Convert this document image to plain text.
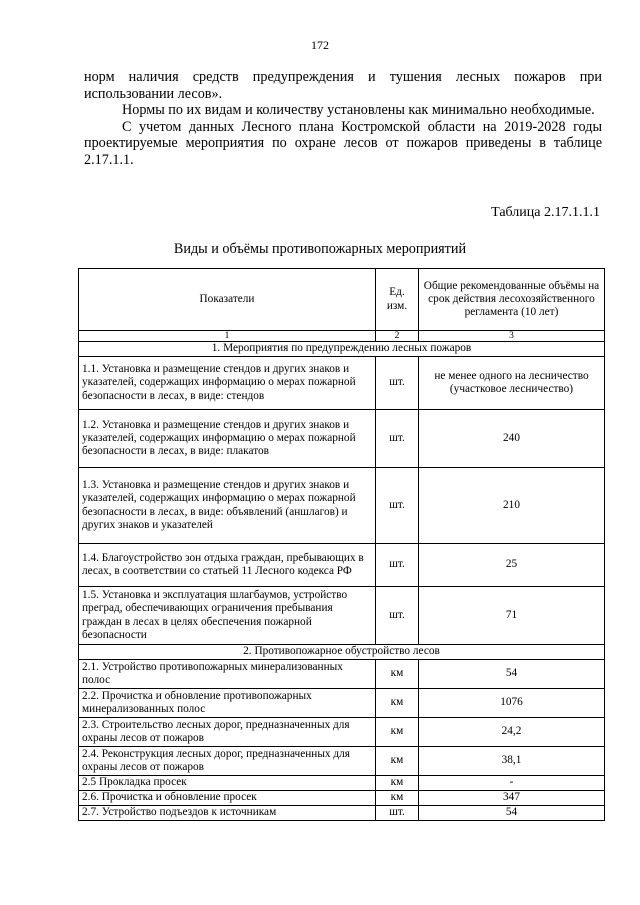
172

норм наличия средств предупреждения и тушения лесных пожаров при использовании лесов».

Нормы по их видам и количеству установлены как минимально необходимые.

С учетом данных Лесного плана Костромской области на 2019-2028 годы проектируемые мероприятия по охране лесов от пожаров приведены в таблице 2.17.1.1.

Таблица 2.17.1.1.1
Виды и объёмы противопожарных мероприятий
Показатели	Ед. изм.	Общие рекомендованные объёмы на срок действия лесохозяйственного регламента (10 лет)
1	2	3
1. Мероприятия по предупреждению лесных пожаров		
1.1. Установка и размещение стендов и других знаков и указателей, содержащих информацию о мерах пожарной безопасности в лесах, в виде: стендов	шт.	не менее одного на лесничество (участковое лесничество)
1.2. Установка и размещение стендов и других знаков и указателей, содержащих информацию о мерах пожарной безопасности в лесах, в виде: плакатов	шт.	240
1.3. Установка и размещение стендов и других знаков и указателей, содержащих информацию о мерах пожарной безопасности в лесах, в виде: объявлений (аншлагов) и других знаков и указателей	шт.	210
1.4. Благоустройство зон отдыха граждан, пребывающих в лесах, в соответствии со статьей 11 Лесного кодекса РФ	шт.	25
1.5. Установка и эксплуатация шлагбаумов, устройство преград, обеспечивающих ограничения пребывания граждан в лесах в целях обеспечения пожарной безопасности	шт.	71
2. Противопожарное обустройство лесов		
2.1. Устройство противопожарных минерализованных полос	км	54
2.2. Прочистка и обновление противопожарных минерализованных полос	км	1076
2.3. Строительство лесных дорог, предназначенных для охраны лесов от пожаров	км	24,2
2.4. Реконструкция лесных дорог, предназначенных для охраны лесов от пожаров	км	38,1
2.5 Прокладка просек	км	-
2.6. Прочистка и обновление просек	км	347
2.7. Устройство подъездов к источникам	шт.	54
